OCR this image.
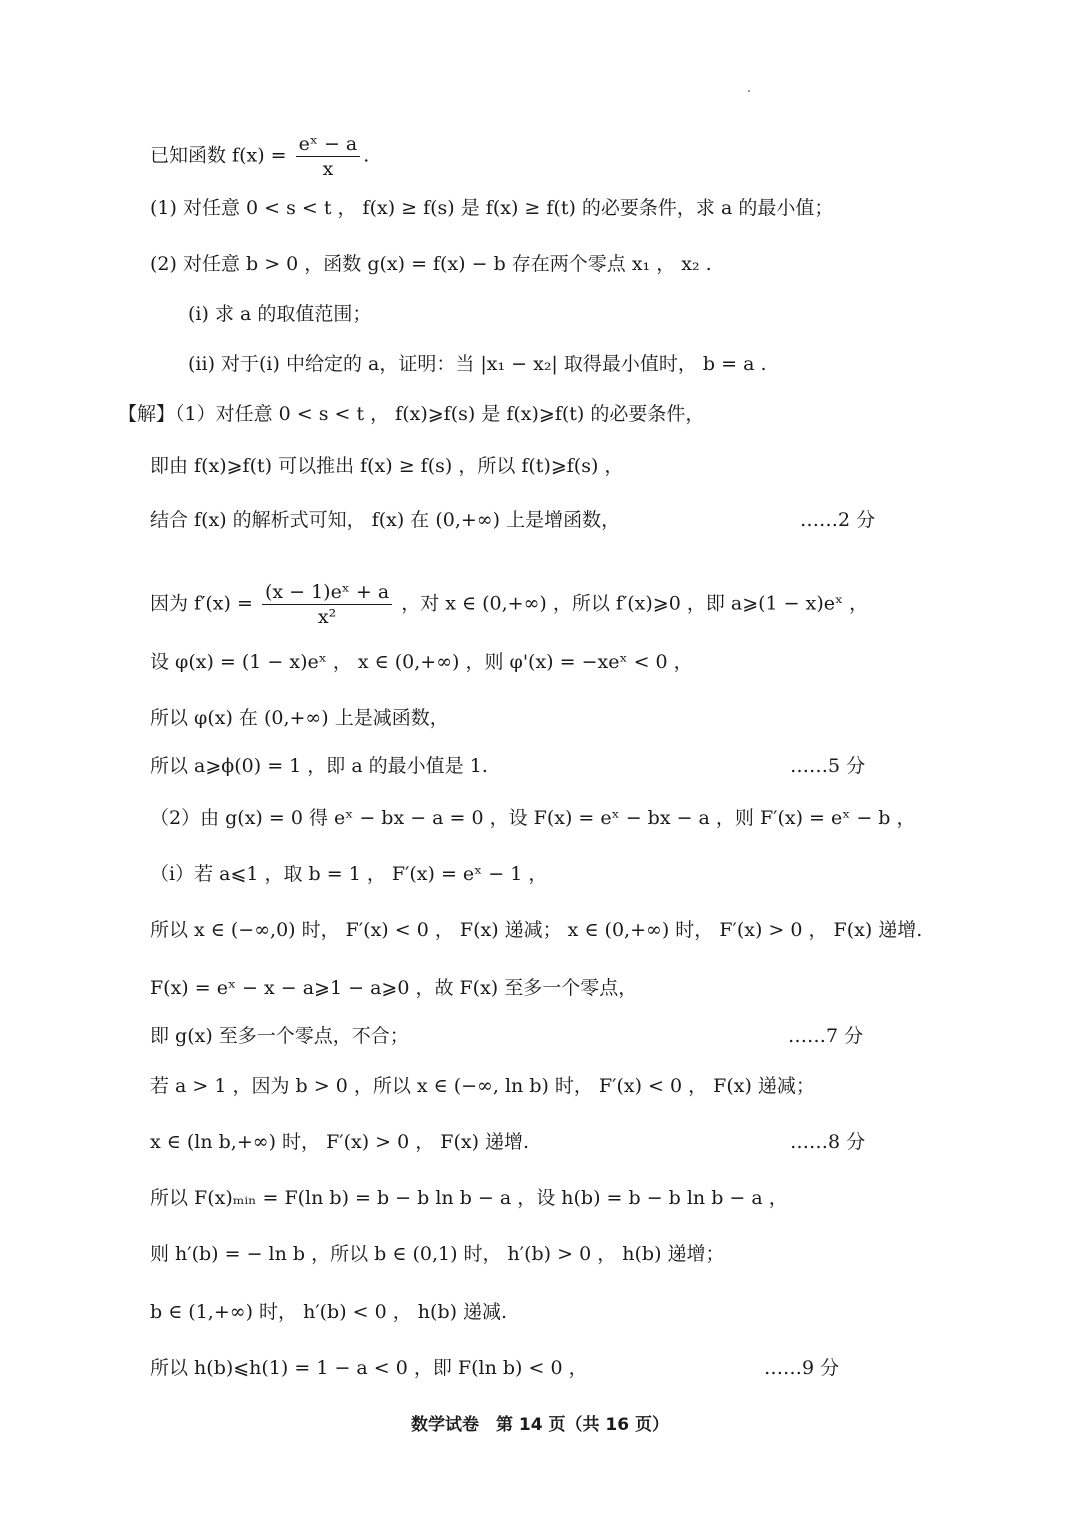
已知函数 $f(x) = \frac{\text{eˣ − a}}{x}$ .
(1) 对任意 0 < s < t ， f(x) ≥ f(s) 是 f(x) ≥ f(t) 的必要条件，求 a 的最小值；
(2) 对任意 b > 0 ，函数 g(x) = f(x) − b 存在两个零点 x₁ ， x₂ .
(i) 求 a 的取值范围；
(ii) 对于(i) 中给定的 a，证明：当 |x₁ − x₂| 取得最小值时， b = a .
【解】（1）对任意 0 < s < t ， f(x)⩾f(s) 是 f(x)⩾f(t) 的必要条件，
即由 f(x)⩾f(t) 可以推出 f(x) ≥ f(s) ，所以 f(t)⩾f(s) ，
结合 f(x) 的解析式可知， f(x) 在 (0,+∞) 上是增函数，	……2 分
因为 $f'(x) = \frac{\text{(x − 1)eˣ + a}}{\text{x²}}$ ，对 x ∈ (0,+∞) ，所以 f′(x)⩾0 ，即 a⩾(1 − x)eˣ ，
设 φ(x) = (1 − x)eˣ ， x ∈ (0,+∞) ，则 φ'(x) = −xeˣ < 0 ，
所以 φ(x) 在 (0,+∞) 上是减函数，
所以 a⩾ϕ(0) = 1 ，即 a 的最小值是 1.	……5 分
（2）由 g(x) = 0 得 eˣ − bx − a = 0 ，设 F(x) = eˣ − bx − a ，则 F′(x) = eˣ − b ，
（i）若 a⩽1 ，取 b = 1 ， F′(x) = eˣ − 1 ，
所以 x ∈ (−∞,0) 时， F′(x) < 0 ， F(x) 递减； x ∈ (0,+∞) 时， F′(x) > 0 ， F(x) 递增.
F(x) = eˣ − x − a⩾1 − a⩾0 ，故 F(x) 至多一个零点，
即 g(x) 至多一个零点，不合；	……7 分
若 a > 1 ，因为 b > 0 ，所以 x ∈ (−∞, ln b) 时， F′(x) < 0 ， F(x) 递减；
x ∈ (ln b,+∞) 时， F′(x) > 0 ， F(x) 递增.	……8 分
所以 F(x)ₘᵢₙ = F(ln b) = b − b ln b − a ，设 h(b) = b − b ln b − a ，
则 h′(b) = − ln b ，所以 b ∈ (0,1) 时， h′(b) > 0 ， h(b) 递增；
b ∈ (1,+∞) 时， h′(b) < 0 ， h(b) 递减.
所以 h(b)⩽h(1) = 1 − a < 0 ，即 F(ln b) < 0 ，	……9 分
数学试卷　第 14 页（共 16 页）
